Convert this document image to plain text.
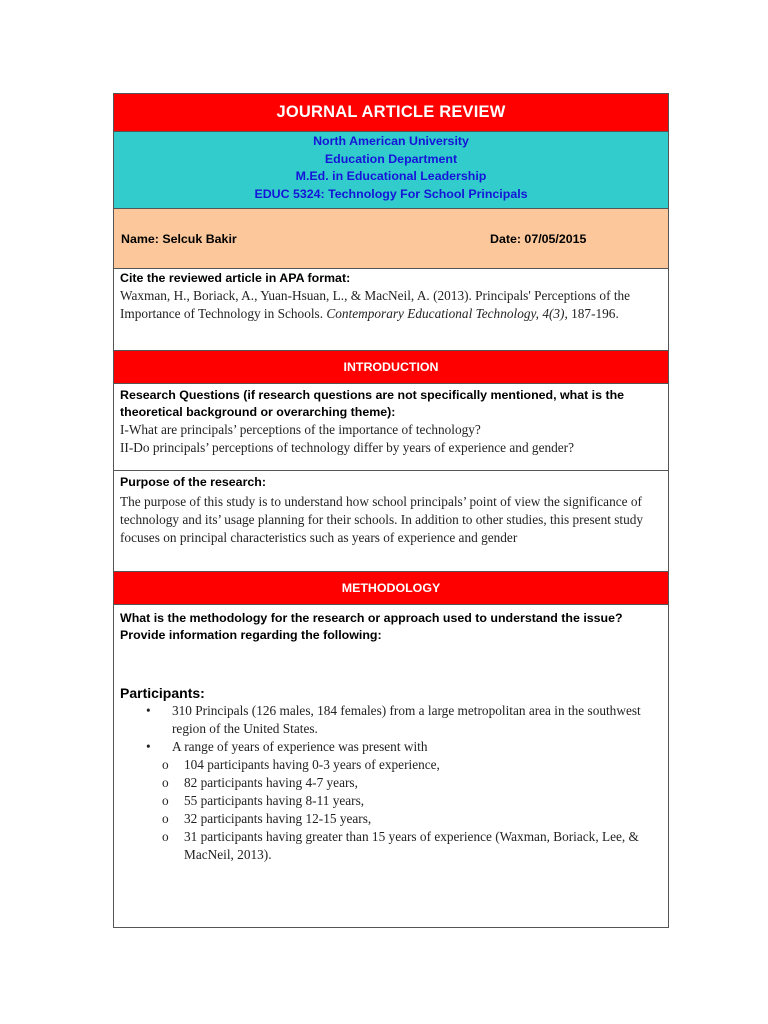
JOURNAL ARTICLE REVIEW
North American University
Education Department
M.Ed. in Educational Leadership
EDUC 5324: Technology For School Principals
Name: Selcuk Bakir	Date: 07/05/2015
Cite the reviewed article in APA format:
Waxman, H., Boriack, A., Yuan-Hsuan, L., & MacNeil, A. (2013). Principals' Perceptions of the Importance of Technology in Schools. Contemporary Educational Technology, 4(3), 187-196.
INTRODUCTION
Research Questions (if research questions are not specifically mentioned, what is the theoretical background or overarching theme):
I-What are principals’ perceptions of the importance of technology?
II-Do principals’ perceptions of technology differ by years of experience and gender?
Purpose of the research:
The purpose of this study is to understand how school principals’ point of view the significance of technology and its’ usage planning for their schools. In addition to other studies, this present study focuses on principal characteristics such as years of experience and gender
METHODOLOGY
What is the methodology for the research or approach used to understand the issue? Provide information regarding the following:
Participants:
• 310 Principals (126 males, 184 females) from a large metropolitan area in the southwest region of the United States.
• A range of years of experience was present with
o 104 participants having 0-3 years of experience,
o 82 participants having 4-7 years,
o 55 participants having 8-11 years,
o 32 participants having 12-15 years,
o 31 participants having greater than 15 years of experience (Waxman, Boriack, Lee, & MacNeil, 2013).
